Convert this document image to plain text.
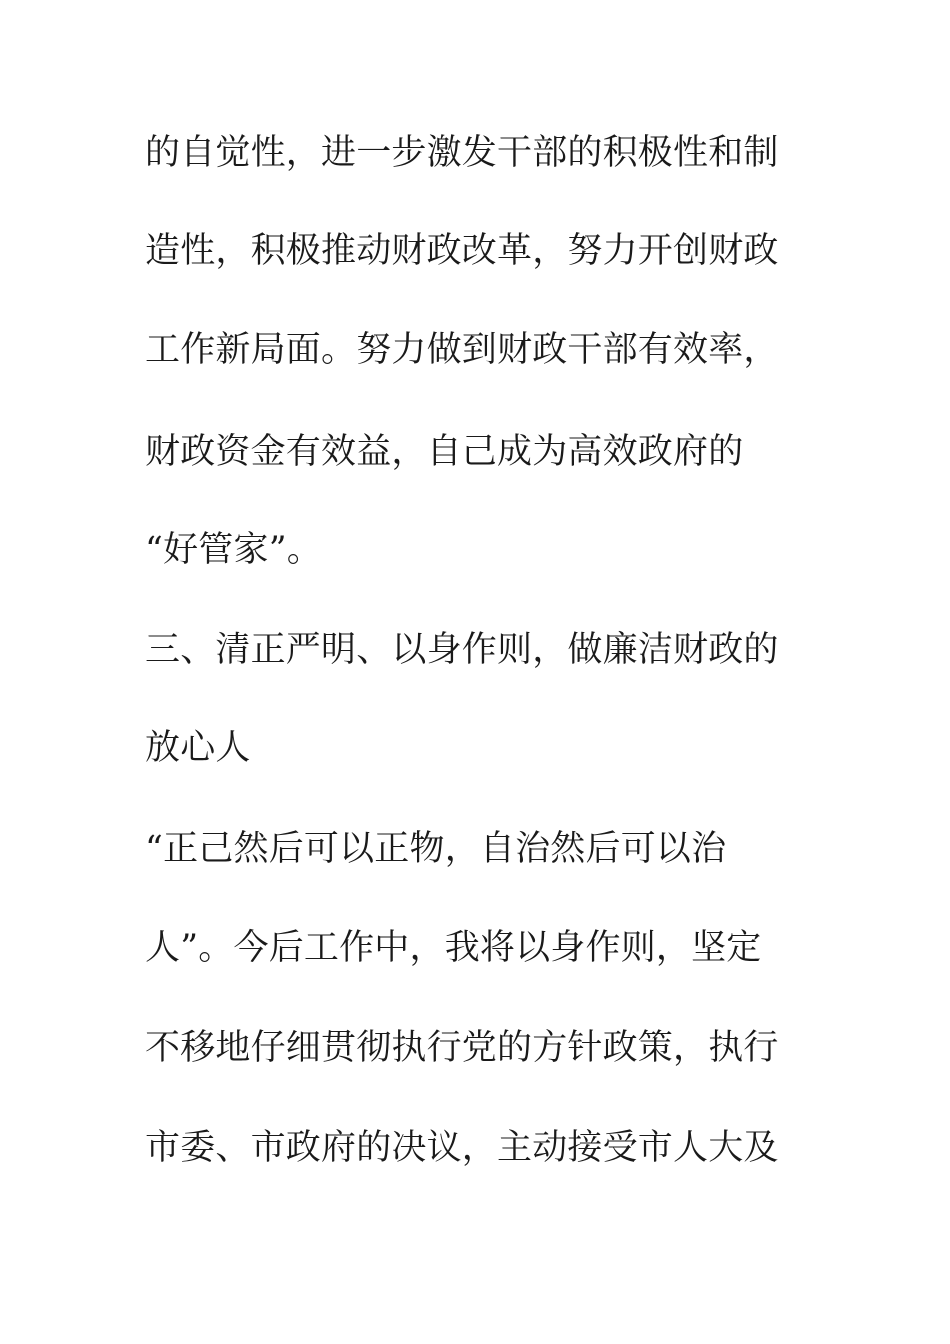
的自觉性，进一步激发干部的积极性和制

造性，积极推动财政改革，努力开创财政

工作新局面。努力做到财政干部有效率，

财政资金有效益，自己成为高效政府的

“好管家”。

三、清正严明、以身作则，做廉洁财政的

放心人

“正己然后可以正物，自治然后可以治

人”。今后工作中，我将以身作则，坚定

不移地仔细贯彻执行党的方针政策，执行

市委、市政府的决议，主动接受市人大及
